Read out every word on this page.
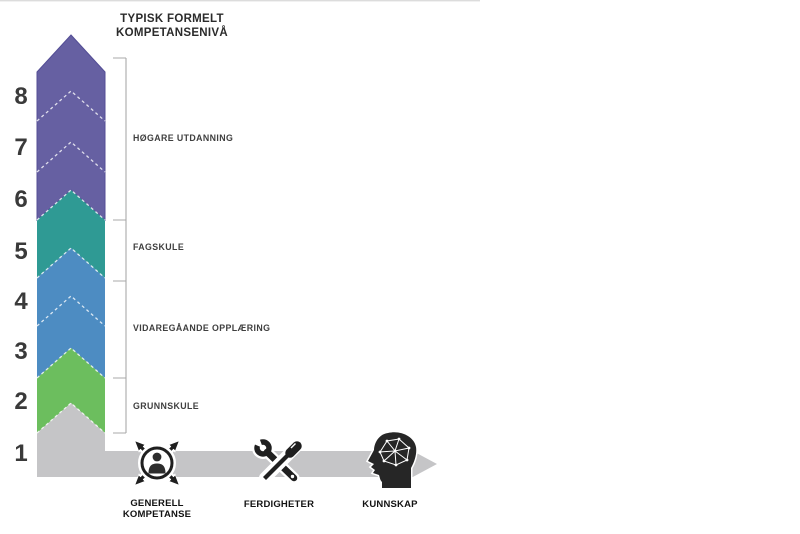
TYPISK FORMELT
KOMPETANSENIVÅ
8
7
6
5
4
3
2
1
HØGARE UTDANNING
FAGSKULE
VIDAREGÅANDE OPPLÆRING
GRUNNSKULE
GENERELL
KOMPETANSE
FERDIGHETER	KUNNSKAP
